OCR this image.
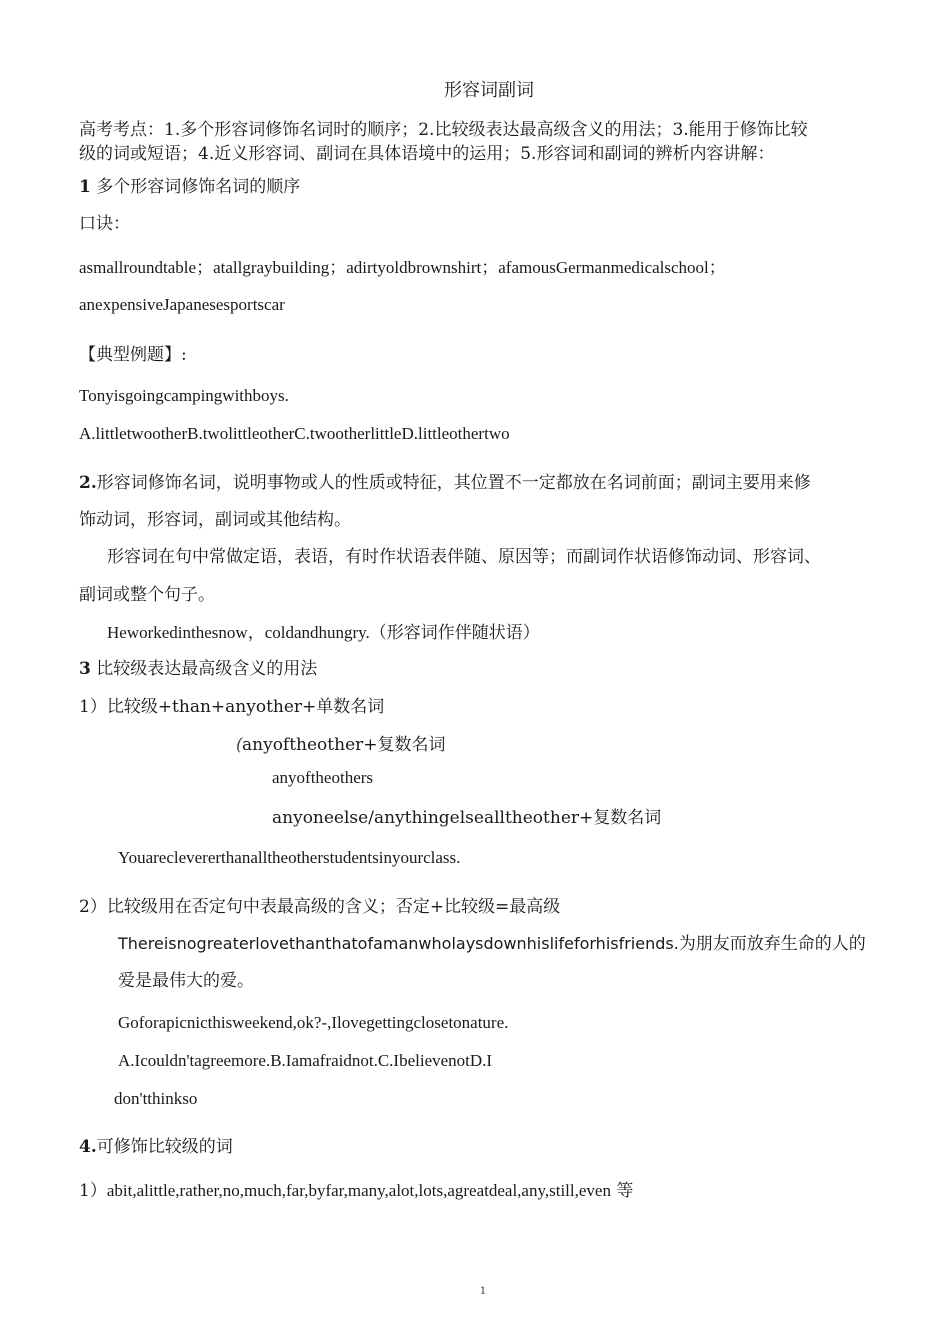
形容词副词
高考考点：1.多个形容词修饰名词时的顺序；2.比较级表达最高级含义的用法；3.能用于修饰比较
级的词或短语；4.近义形容词、副词在具体语境中的运用；5.形容词和副词的辨析内容讲解：
1 多个形容词修饰名词的顺序
口诀：
asmallroundtable；atallgraybuilding；adirtyoldbrownshirt；afamousGermanmedicalschool；
anexpensiveJapanesesportscar
【典型例题】:
Tonyisgoingcampingwithboys.
A.littletwootherB.twolittleotherC.twootherlittleD.littleothertwo
2.形容词修饰名词，说明事物或人的性质或特征，其位置不一定都放在名词前面；副词主要用来修
饰动词，形容词，副词或其他结构。
形容词在句中常做定语，表语，有时作状语表伴随、原因等；而副词作状语修饰动词、形容词、
副词或整个句子。
Heworkedinthesnow，coldandhungry.（形容词作伴随状语）
3 比较级表达最高级含义的用法
1）比较级+than+anyother+单数名词
( anyoftheother+复数名词
anyoftheothers
anyoneelse/anythingelsealltheother+复数名词
Youareclevererthanalltheotherstudentsinyourclass.
2）比较级用在否定句中表最高级的含义；否定+比较级=最高级
Thereisnogreaterlovethanthatofamanwholaysdownhislifeforhisfriends.为朋友而放弃生命的人的
爱是最伟大的爱。
Goforapicnicthisweekend,ok?-,Ilovegettingclosetonature.
A.Icouldn'tagreemore.B.Iamafraidnot.C.IbelievenotD.I
don'tthinkso
4.可修饰比较级的词
1）abit,alittle,rather,no,much,far,byfar,many,alot,lots,agreatdeal,any,still,even 等
1
